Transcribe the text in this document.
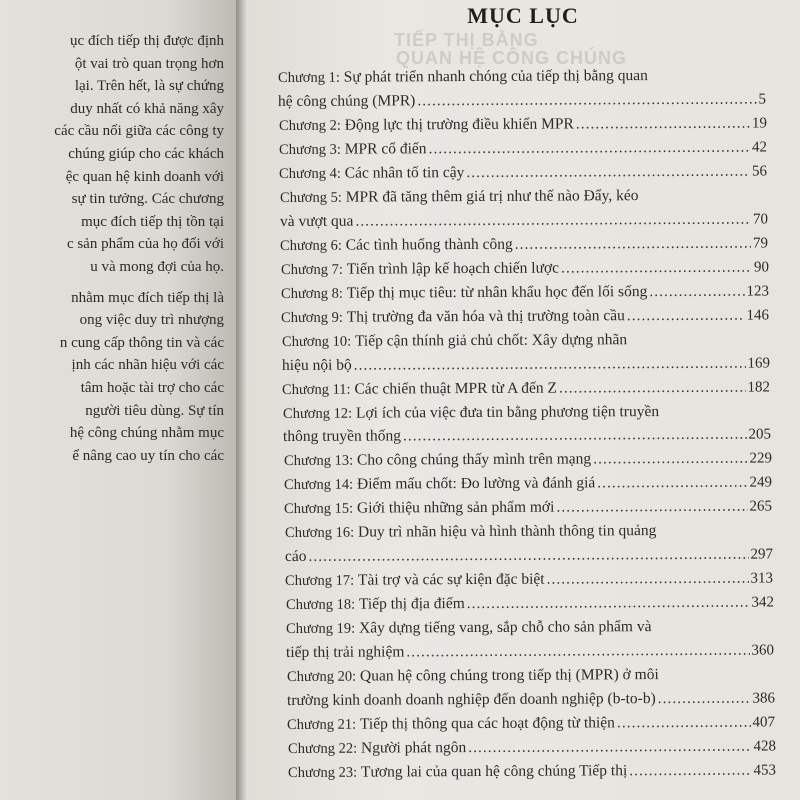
ục đích tiếp thị được định
ột vai trò quan trọng hơn
lại. Trên hết, là sự chứng
duy nhất có khả năng xây
các cầu nối giữa các công ty
chúng giúp cho các khách
ệc quan hệ kinh doanh với
sự tin tưởng. Các chương
mục đích tiếp thị tồn tại
c sản phẩm của họ đối với
u và mong đợi của họ.
nhằm mục đích tiếp thị là
ong việc duy trì nhượng
n cung cấp thông tin và các
ịnh các nhãn hiệu với các
tâm hoặc tài trợ cho các
người tiêu dùng. Sự tín
hệ công chúng nhằm mục
ể nâng cao uy tín cho các
TIẾP THỊ BẰNG
QUAN HỆ CÔNG CHÚNG
MỤC LỤC
Chương 1:
Sự phát triển nhanh chóng của tiếp thị bằng quan
hệ công chúng (MPR) .....	5
Chương 2:
Động lực thị trường điều khiển MPR .....	19
Chương 3:
MPR cổ điển .....	42
Chương 4:
Các nhân tố tin cậy .....	56
Chương 5:
MPR đã tăng thêm giá trị như thế nào Đẩy, kéo
và vượt qua .....	70
Chương 6:
Các tình huống thành công .....	79
Chương 7:
Tiến trình lập kế hoạch chiến lược .....	90
Chương 8:
Tiếp thị mục tiêu: từ nhân khẩu học đến lối sống .....	123
Chương 9:
Thị trường đa văn hóa và thị trường toàn cầu .....	146
Chương 10:
Tiếp cận thính giả chủ chốt: Xây dựng nhãn
hiệu nội bộ .....	169
Chương 11:
Các chiến thuật MPR từ A đến Z .....	182
Chương 12:
Lợi ích của việc đưa tin bằng phương tiện truyền
thông truyền thống .....	205
Chương 13:
Cho công chúng thấy mình trên mạng .....	229
Chương 14:
Điểm mấu chốt: Đo lường và đánh giá .....	249
Chương 15:
Giới thiệu những sản phẩm mới .....	265
Chương 16:
Duy trì nhãn hiệu và hình thành thông tin quảng
cáo .....	297
Chương 17:
Tài trợ và các sự kiện đặc biệt .....	313
Chương 18:
Tiếp thị địa điểm .....	342
Chương 19:
Xây dựng tiếng vang, sắp chỗ cho sản phẩm và
tiếp thị trải nghiệm .....	360
Chương 20:
Quan hệ công chúng trong tiếp thị (MPR) ở môi
trường kinh doanh doanh nghiệp đến doanh nghiệp (b-to-b) .....	386
Chương 21:
Tiếp thị thông qua các hoạt động từ thiện .....	407
Chương 22:
Người phát ngôn .....	428
Chương 23:
Tương lai của quan hệ công chúng Tiếp thị .....	453
